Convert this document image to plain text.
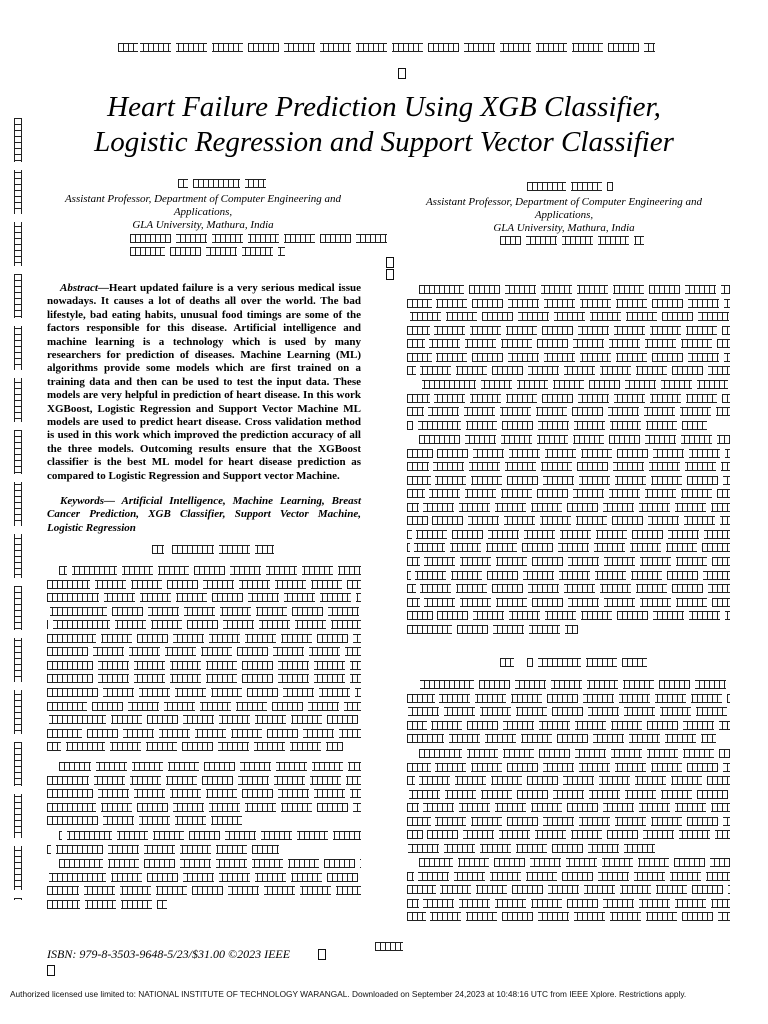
Heart Failure Prediction Using XGB Classifier,
Logistic Regression and Support Vector Classifier
Assistant Professor, Department of Computer Engineering and
Applications,
GLA University, Mathura, India
Assistant Professor, Department of Computer Engineering and
Applications,
GLA University, Mathura, India
Abstract—Heart updated failure is a very serious medical issue nowadays. It causes a lot of deaths all over the world. The bad lifestyle, bad eating habits, unusual food timings are some of the factors responsible for this disease. Artificial intelligence and machine learning is a technology which is used by many researchers for prediction of diseases. Machine Learning (ML) algorithms provide some models which are first trained on a training data and then can be used to test the input data. These models are very helpful in prediction of heart disease. In this work XGBoost, Logistic Regression and Support Vector Machine ML models are used to predict heart disease. Cross validation method is used in this work which improved the prediction accuracy of all the three models. Outcoming results ensure that the XGBoost classifier is the best ML model for heart disease prediction as compared to Logistic Regression and Support vector Machine.
Keywords— Artificial Intelligence, Machine Learning, Breast Cancer Prediction, XGB Classifier, Support Vector Machine, Logistic Regression
ISBN: 979-8-3503-9648-5/23/$31.00 ©2023 IEEE
Authorized licensed use limited to: NATIONAL INSTITUTE OF TECHNOLOGY WARANGAL. Downloaded on September 24,2023 at 10:48:16 UTC from IEEE Xplore. Restrictions apply.
